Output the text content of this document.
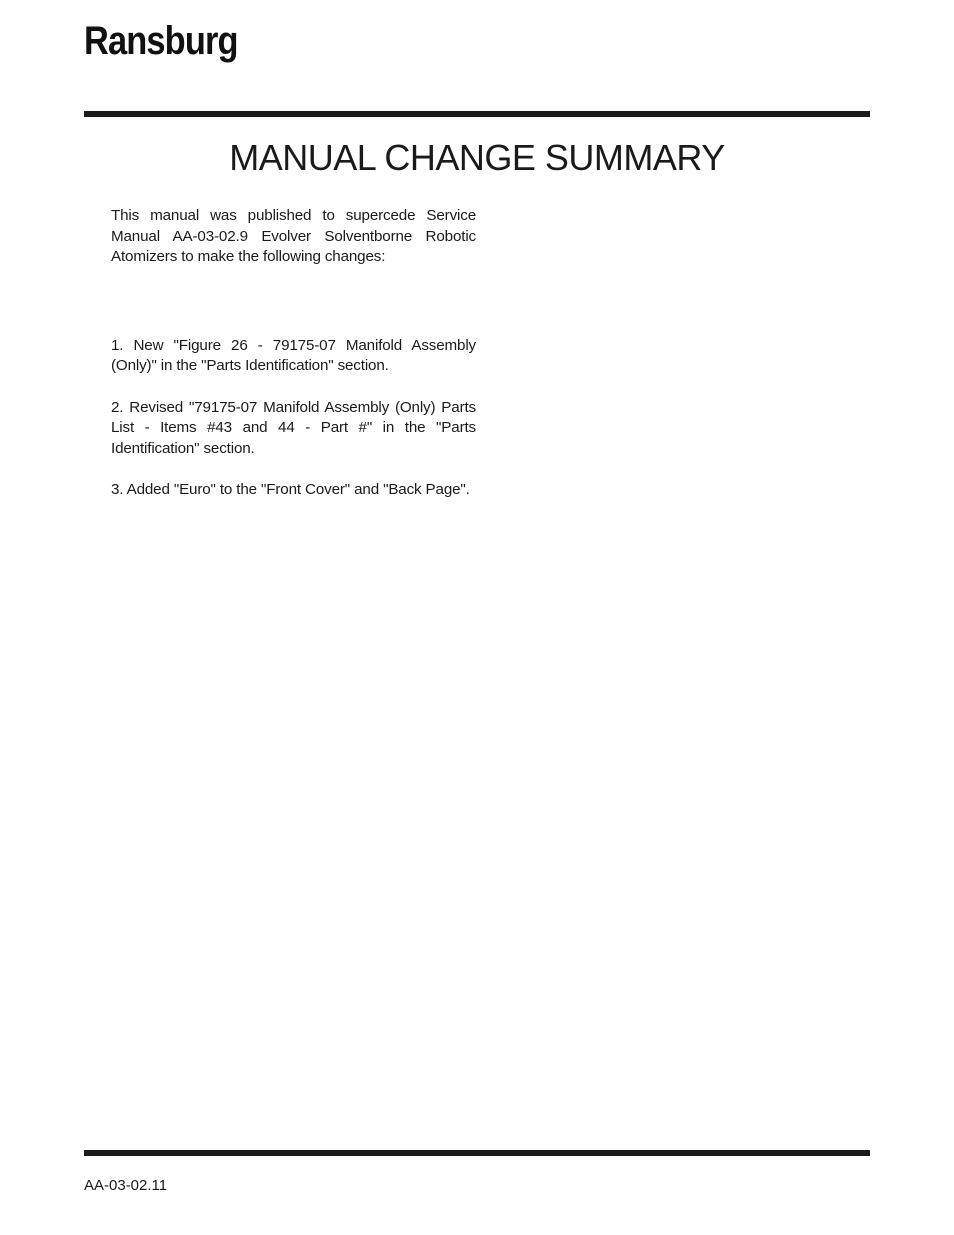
Ransburg
MANUAL CHANGE SUMMARY

This manual was published to supercede Service Manual AA-03-02.9 Evolver Solventborne Robotic Atomizers to make the following changes:

1. New "Figure 26 - 79175-07 Manifold Assembly (Only)" in the "Parts Identification" section.

2. Revised "79175-07 Manifold Assembly (Only) Parts List - Items #43 and 44 - Part #" in the "Parts Identification" section.

3. Added "Euro" to the "Front Cover" and "Back Page".

AA-03-02.11
